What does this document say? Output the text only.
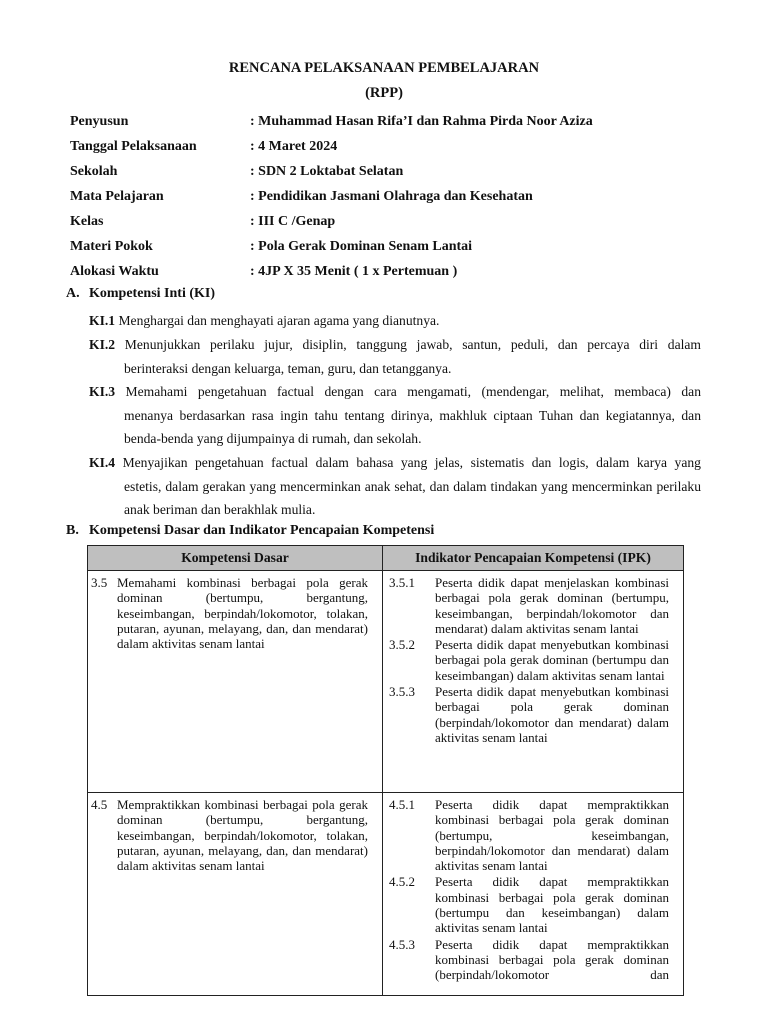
RENCANA PELAKSANAAN PEMBELAJARAN
(RPP)
Penyusun	: Muhammad Hasan Rifa’I dan Rahma Pirda Noor Aziza
Tanggal Pelaksanaan	: 4 Maret 2024
Sekolah	: SDN 2 Loktabat Selatan
Mata Pelajaran	: Pendidikan Jasmani Olahraga dan Kesehatan
Kelas	: III C /Genap
Materi Pokok	: Pola Gerak Dominan Senam Lantai
Alokasi Waktu	: 4JP X 35 Menit ( 1 x Pertemuan )
A. Kompetensi Inti (KI)
KI.1 Menghargai dan menghayati ajaran agama yang dianutnya.
KI.2 Menunjukkan perilaku jujur, disiplin, tanggung jawab, santun, peduli, dan percaya diri dalam
berinteraksi dengan keluarga, teman, guru, dan tetangganya.
KI.3 Memahami pengetahuan factual dengan cara mengamati, (mendengar, melihat, membaca) dan
menanya berdasarkan rasa ingin tahu tentang dirinya, makhluk ciptaan Tuhan dan kegiatannya, dan benda-benda yang dijumpainya di rumah, dan sekolah.
KI.4 Menyajikan pengetahuan factual dalam bahasa yang jelas, sistematis dan logis, dalam karya yang
estetis, dalam gerakan yang mencerminkan anak sehat, dan dalam tindakan yang mencerminkan perilaku anak beriman dan berakhlak mulia.
B. Kompetensi Dasar dan Indikator Pencapaian Kompetensi
Kompetensi Dasar	Indikator Pencapaian Kompetensi (IPK)
3.5 Memahami kombinasi berbagai pola gerak dominan (bertumpu, bergantung, keseimbangan, berpindah/lokomotor, tolakan, putaran, ayunan, melayang, dan, dan mendarat) dalam aktivitas senam lantai
3.5.1	Peserta didik dapat menjelaskan kombinasi berbagai pola gerak dominan (bertumpu, keseimbangan, berpindah/lokomotor dan mendarat) dalam aktivitas senam lantai
3.5.2	Peserta didik dapat menyebutkan kombinasi berbagai pola gerak dominan (bertumpu dan keseimbangan) dalam aktivitas senam lantai
3.5.3	Peserta didik dapat menyebutkan kombinasi berbagai pola gerak dominan (berpindah/lokomotor dan mendarat) dalam aktivitas senam lantai
4.5 Mempraktikkan kombinasi berbagai pola gerak dominan (bertumpu, bergantung, keseimbangan, berpindah/lokomotor, tolakan, putaran, ayunan, melayang, dan, dan mendarat) dalam aktivitas senam lantai
4.5.1	Peserta didik dapat mempraktikkan kombinasi berbagai pola gerak dominan (bertumpu, keseimbangan, berpindah/lokomotor dan mendarat) dalam aktivitas senam lantai
4.5.2	Peserta didik dapat mempraktikkan kombinasi berbagai pola gerak dominan (bertumpu dan keseimbangan) dalam aktivitas senam lantai
4.5.3	Peserta didik dapat mempraktikkan kombinasi berbagai pola gerak dominan (berpindah/lokomotor dan
